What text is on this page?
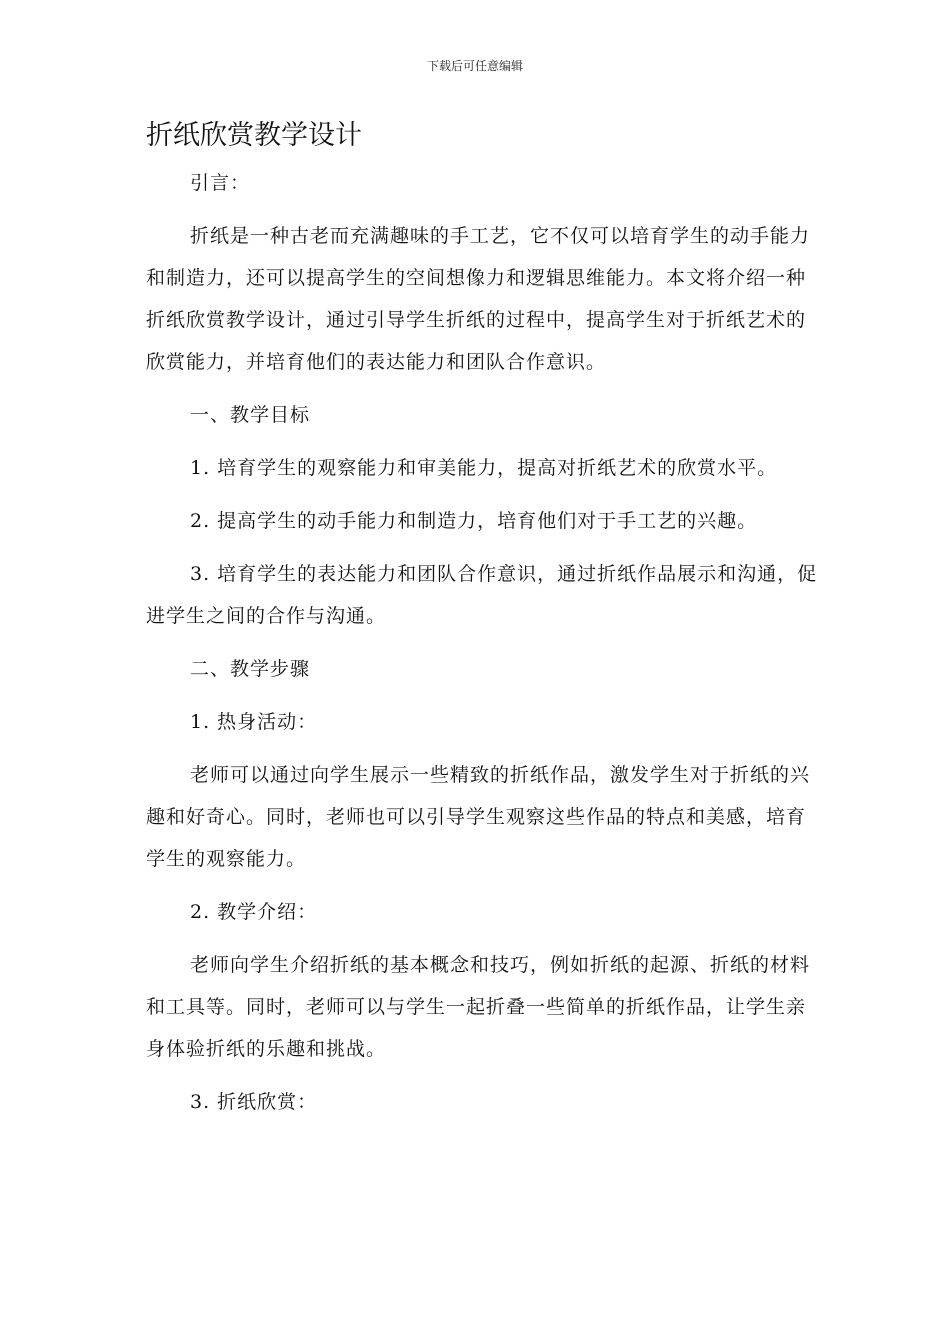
下载后可任意编辑
折纸欣赏教学设计

引言：

折纸是一种古老而充满趣味的手工艺，它不仅可以培育学生的动手能力和制造力，还可以提高学生的空间想像力和逻辑思维能力。本文将介绍一种折纸欣赏教学设计，通过引导学生折纸的过程中，提高学生对于折纸艺术的欣赏能力，并培育他们的表达能力和团队合作意识。

一、教学目标

1. 培育学生的观察能力和审美能力，提高对折纸艺术的欣赏水平。

2. 提高学生的动手能力和制造力，培育他们对于手工艺的兴趣。

3. 培育学生的表达能力和团队合作意识，通过折纸作品展示和沟通，促进学生之间的合作与沟通。

二、教学步骤

1. 热身活动：

老师可以通过向学生展示一些精致的折纸作品，激发学生对于折纸的兴趣和好奇心。同时，老师也可以引导学生观察这些作品的特点和美感，培育学生的观察能力。

2. 教学介绍：

老师向学生介绍折纸的基本概念和技巧，例如折纸的起源、折纸的材料和工具等。同时，老师可以与学生一起折叠一些简单的折纸作品，让学生亲身体验折纸的乐趣和挑战。

3. 折纸欣赏：
